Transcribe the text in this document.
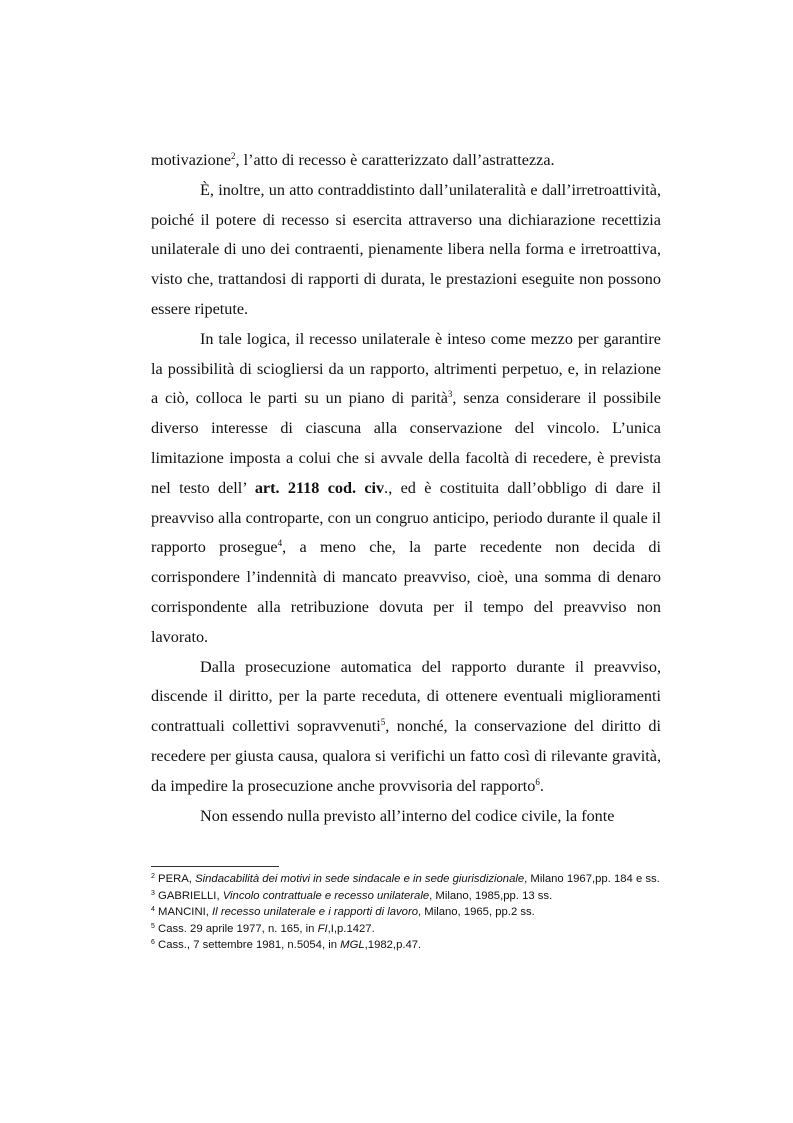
motivazione$^2$, l’atto di recesso è caratterizzato dall’astrattezza.

È, inoltre, un atto contraddistinto dall’unilateralità e dall’irretroattività, poiché il potere di recesso si esercita attraverso una dichiarazione recettizia unilaterale di uno dei contraenti, pienamente libera nella forma e irretroattiva, visto che, trattandosi di rapporti di durata, le prestazioni eseguite non possono essere ripetute.

In tale logica, il recesso unilaterale è inteso come mezzo per garantire la possibilità di sciogliersi da un rapporto, altrimenti perpetuo, e, in relazione a ciò, colloca le parti su un piano di parità$^3$, senza considerare il possibile diverso interesse di ciascuna alla conservazione del vincolo. L’unica limitazione imposta a colui che si avvale della facoltà di recedere, è prevista nel testo dell’ art. 2118 cod. civ., ed è costituita dall’obbligo di dare il preavviso alla controparte, con un congruo anticipo, periodo durante il quale il rapporto prosegue$^4$, a meno che, la parte recedente non decida di corrispondere l’indennità di mancato preavviso, cioè, una somma di denaro corrispondente alla retribuzione dovuta per il tempo del preavviso non lavorato.

Dalla prosecuzione automatica del rapporto durante il preavviso, discende il diritto, per la parte receduta, di ottenere eventuali miglioramenti contrattuali collettivi sopravvenuti$^5$, nonché, la conservazione del diritto di recedere per giusta causa, qualora si verifichi un fatto così di rilevante gravità, da impedire la prosecuzione anche provvisoria del rapporto$^6$.

Non essendo nulla previsto all’interno del codice civile, la fonte

$^2$ PERA, Sindacabilità dei motivi in sede sindacale e in sede giurisdizionale, Milano 1967,pp. 184 e ss.

$^3$ GABRIELLI, Vincolo contrattuale e recesso unilaterale, Milano, 1985,pp. 13 ss.

$^4$ MANCINI, Il recesso unilaterale e i rapporti di lavoro, Milano, 1965, pp.2 ss.

$^5$ Cass. 29 aprile 1977, n. 165, in FI,I,p.1427.

$^6$ Cass., 7 settembre 1981, n.5054, in MGL,1982,p.47.
